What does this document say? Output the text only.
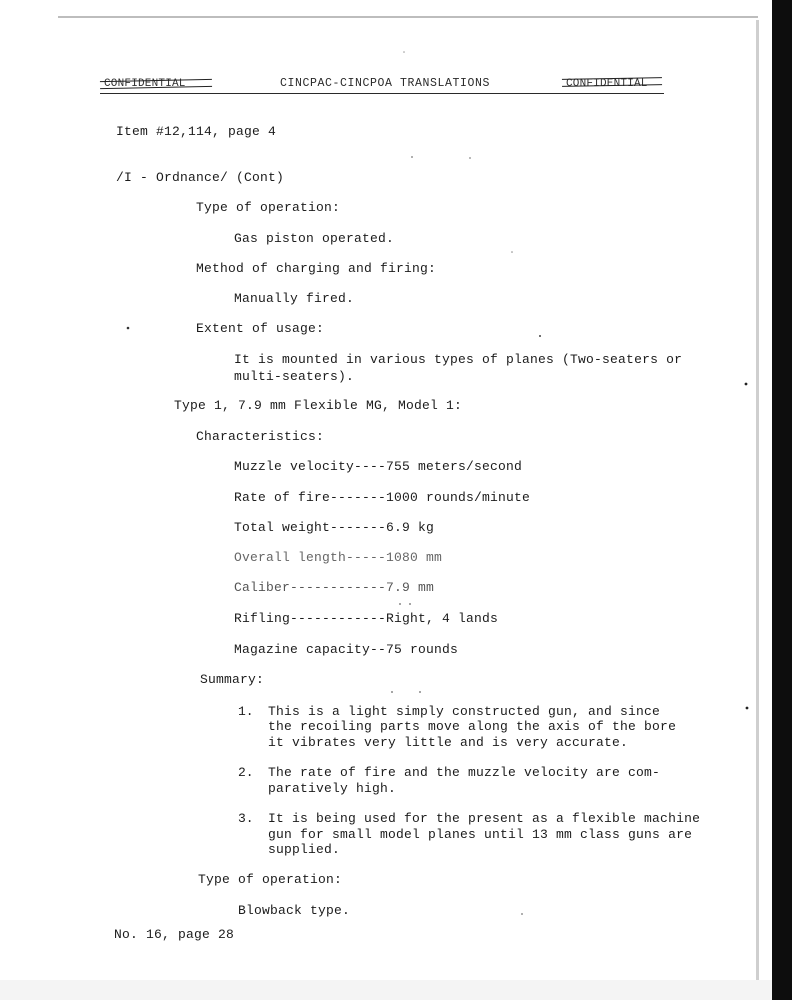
CONFIDENTIAL	CINCPAC-CINCPOA TRANSLATIONS	CONFIDENTIAL
Item #12,114, page 4
/I - Ordnance/ (Cont)
Type of operation:
Gas piston operated.
Method of charging and firing:
Manually fired.
Extent of usage:
It is mounted in various types of planes (Two-seaters or
multi-seaters).
Type 1, 7.9 mm Flexible MG, Model 1:
Characteristics:
Muzzle velocity----755 meters/second
Rate of fire-------1000 rounds/minute
Total weight-------6.9 kg
Overall length-----1080 mm
Caliber------------7.9 mm
Rifling------------Right, 4 lands
Magazine capacity--75 rounds
Summary:
1. This is a light simply constructed gun, and since
the recoiling parts move along the axis of the bore
it vibrates very little and is very accurate.
2. The rate of fire and the muzzle velocity are com-
paratively high.
3. It is being used for the present as a flexible machine
gun for small model planes until 13 mm class guns are
supplied.
Type of operation:
Blowback type.
No. 16, page 28
